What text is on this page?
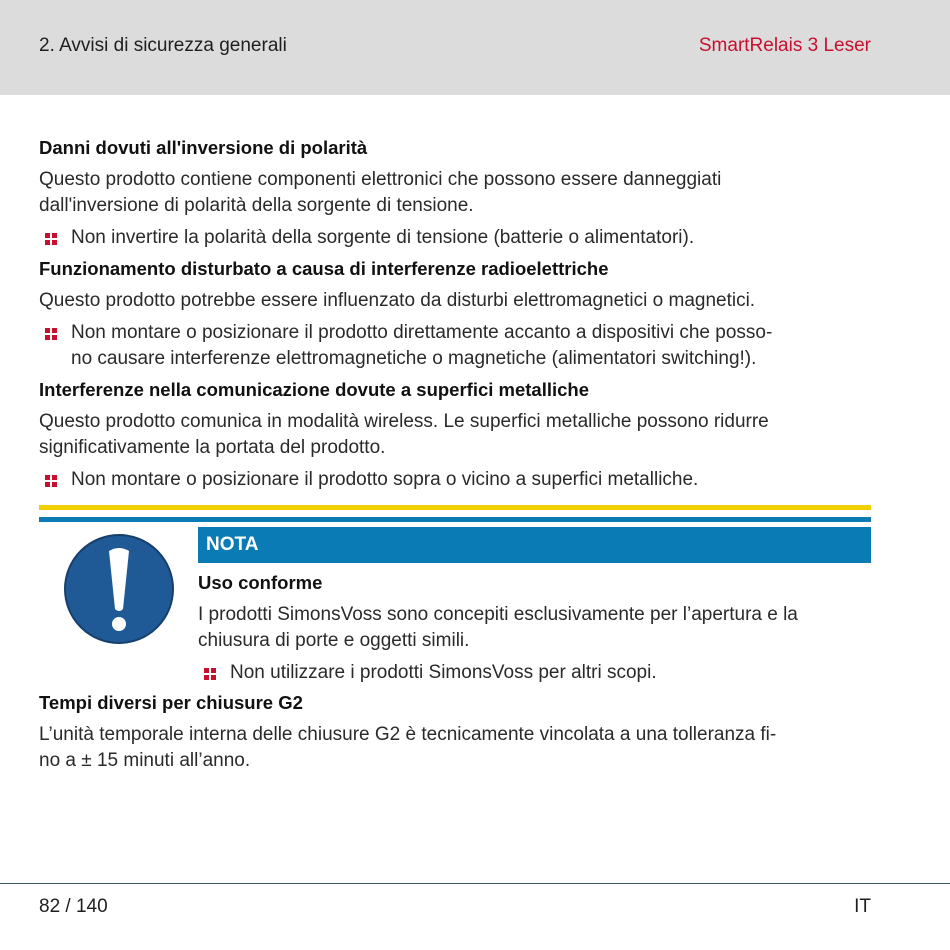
2. Avvisi di sicurezza generali	SmartRelais 3 Leser
Danni dovuti all'inversione di polarità
Questo prodotto contiene componenti elettronici che possono essere danneggiati
dall'inversione di polarità della sorgente di tensione.
Non invertire la polarità della sorgente di tensione (batterie o alimentatori).
Funzionamento disturbato a causa di interferenze radioelettriche
Questo prodotto potrebbe essere influenzato da disturbi elettromagnetici o magnetici.
Non montare o posizionare il prodotto direttamente accanto a dispositivi che posso-
no causare interferenze elettromagnetiche o magnetiche (alimentatori switching!).
Interferenze nella comunicazione dovute a superfici metalliche
Questo prodotto comunica in modalità wireless. Le superfici metalliche possono ridurre
significativamente la portata del prodotto.
Non montare o posizionare il prodotto sopra o vicino a superfici metalliche.
NOTA
Uso conforme
I prodotti SimonsVoss sono concepiti esclusivamente per l’apertura e la
chiusura di porte e oggetti simili.
Non utilizzare i prodotti SimonsVoss per altri scopi.
Tempi diversi per chiusure G2
L’unità temporale interna delle chiusure G2 è tecnicamente vincolata a una tolleranza fi-
no a ± 15 minuti all’anno.
82 / 140	IT
